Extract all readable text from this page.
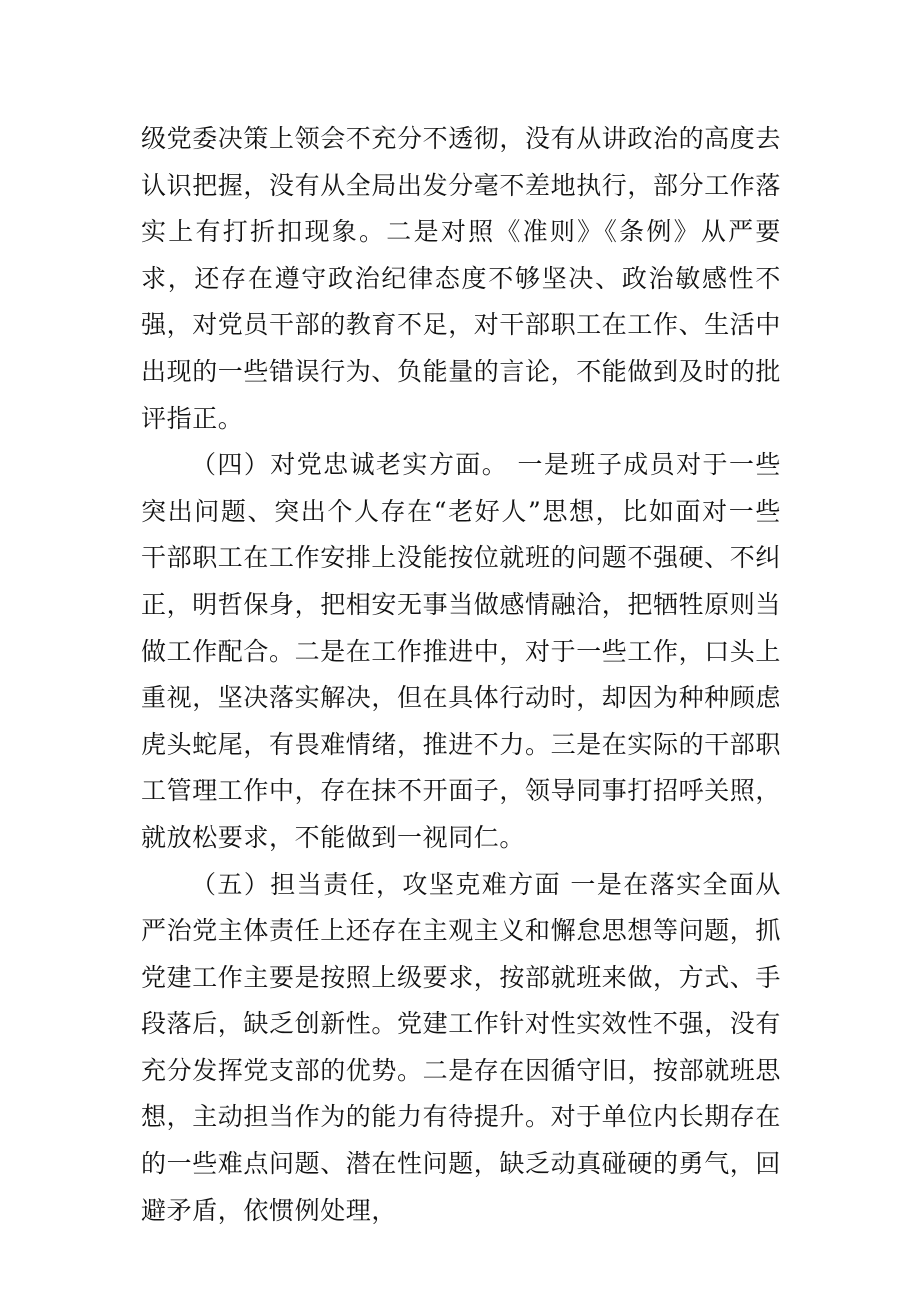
级党委决策上领会不充分不透彻，没有从讲政治的高度去认识把握，没有从全局出发分毫不差地执行，部分工作落实上有打折扣现象。二是对照《准则》《条例》从严要求，还存在遵守政治纪律态度不够坚决、政治敏感性不强，对党员干部的教育不足，对干部职工在工作、生活中出现的一些错误行为、负能量的言论，不能做到及时的批评指正。

（四）对党忠诚老实方面。 一是班子成员对于一些突出问题、突出个人存在“老好人”思想，比如面对一些干部职工在工作安排上没能按位就班的问题不强硬、不纠正，明哲保身，把相安无事当做感情融洽，把牺牲原则当做工作配合。二是在工作推进中，对于一些工作，口头上重视，坚决落实解决，但在具体行动时，却因为种种顾虑虎头蛇尾，有畏难情绪，推进不力。三是在实际的干部职工管理工作中，存在抹不开面子，领导同事打招呼关照，就放松要求，不能做到一视同仁。

（五）担当责任，攻坚克难方面 一是在落实全面从严治党主体责任上还存在主观主义和懈怠思想等问题，抓党建工作主要是按照上级要求，按部就班来做，方式、手段落后，缺乏创新性。党建工作针对性实效性不强，没有充分发挥党支部的优势。二是存在因循守旧，按部就班思想，主动担当作为的能力有待提升。对于单位内长期存在的一些难点问题、潜在性问题，缺乏动真碰硬的勇气，回避矛盾，依惯例处理，
